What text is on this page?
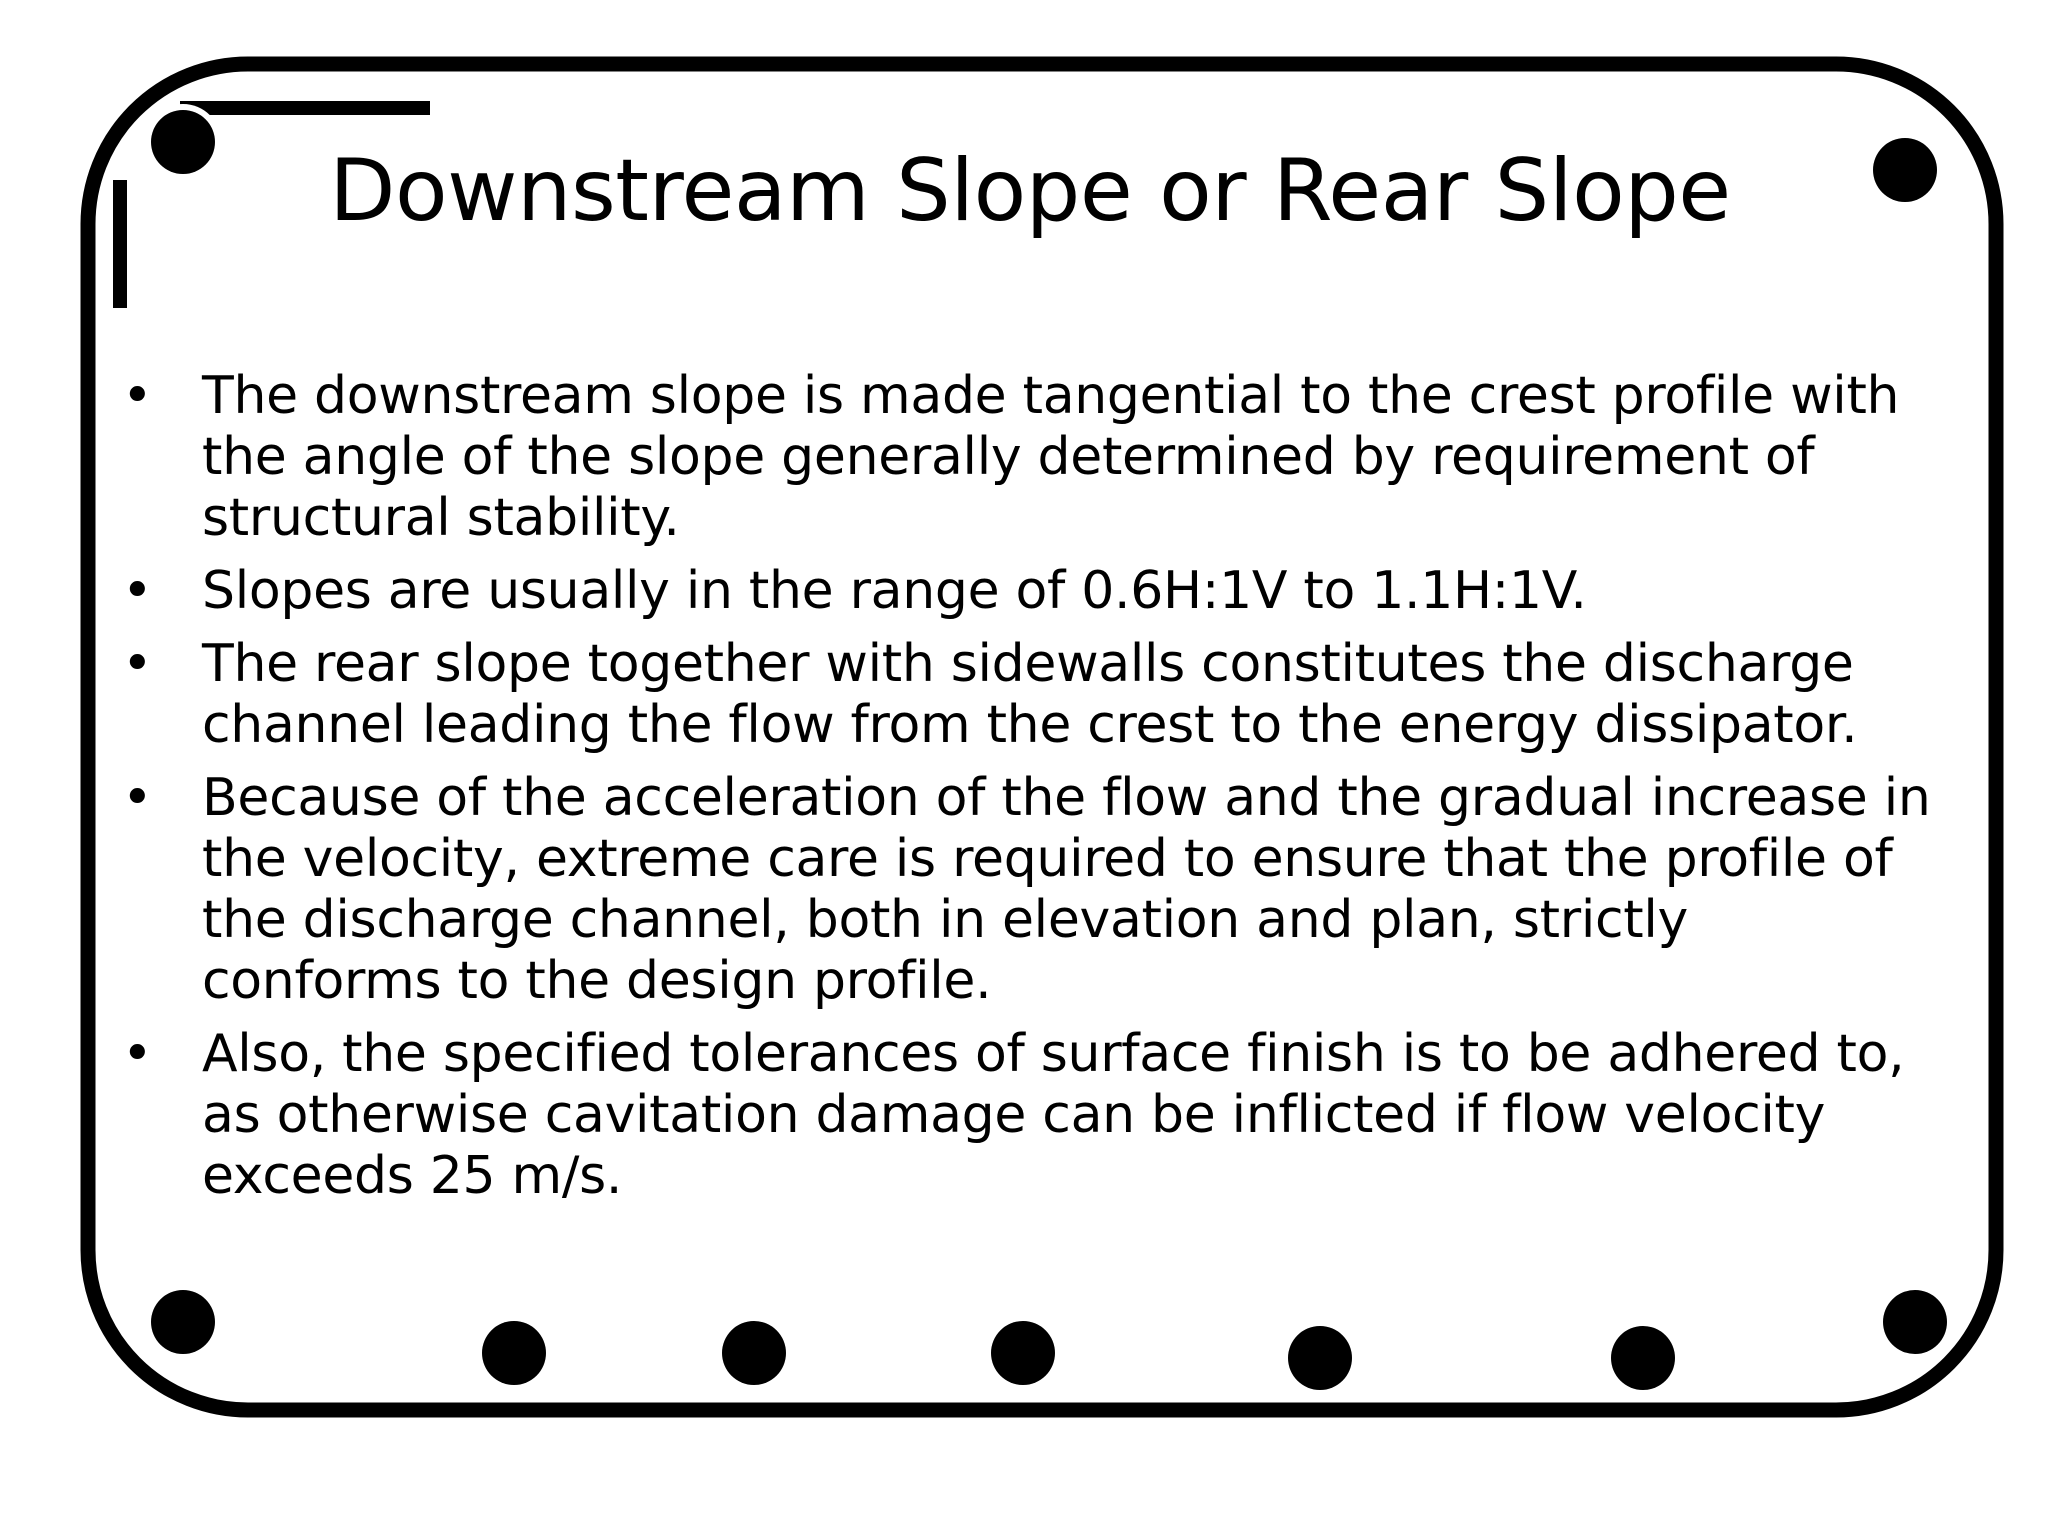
Downstream Slope or Rear Slope
• The downstream slope is made tangential to the crest profile with the angle of the slope generally determined by requirement of structural stability.
• Slopes are usually in the range of 0.6H:1V to 1.1H:1V.
• The rear slope together with sidewalls constitutes the discharge channel leading the flow from the crest to the energy dissipator.
• Because of the acceleration of the flow and the gradual increase in the velocity, extreme care is required to ensure that the profile of the discharge channel, both in elevation and plan, strictly conforms to the design profile.
• Also, the specified tolerances of surface finish is to be adhered to, as otherwise cavitation damage can be inflicted if flow velocity exceeds 25 m/s.
